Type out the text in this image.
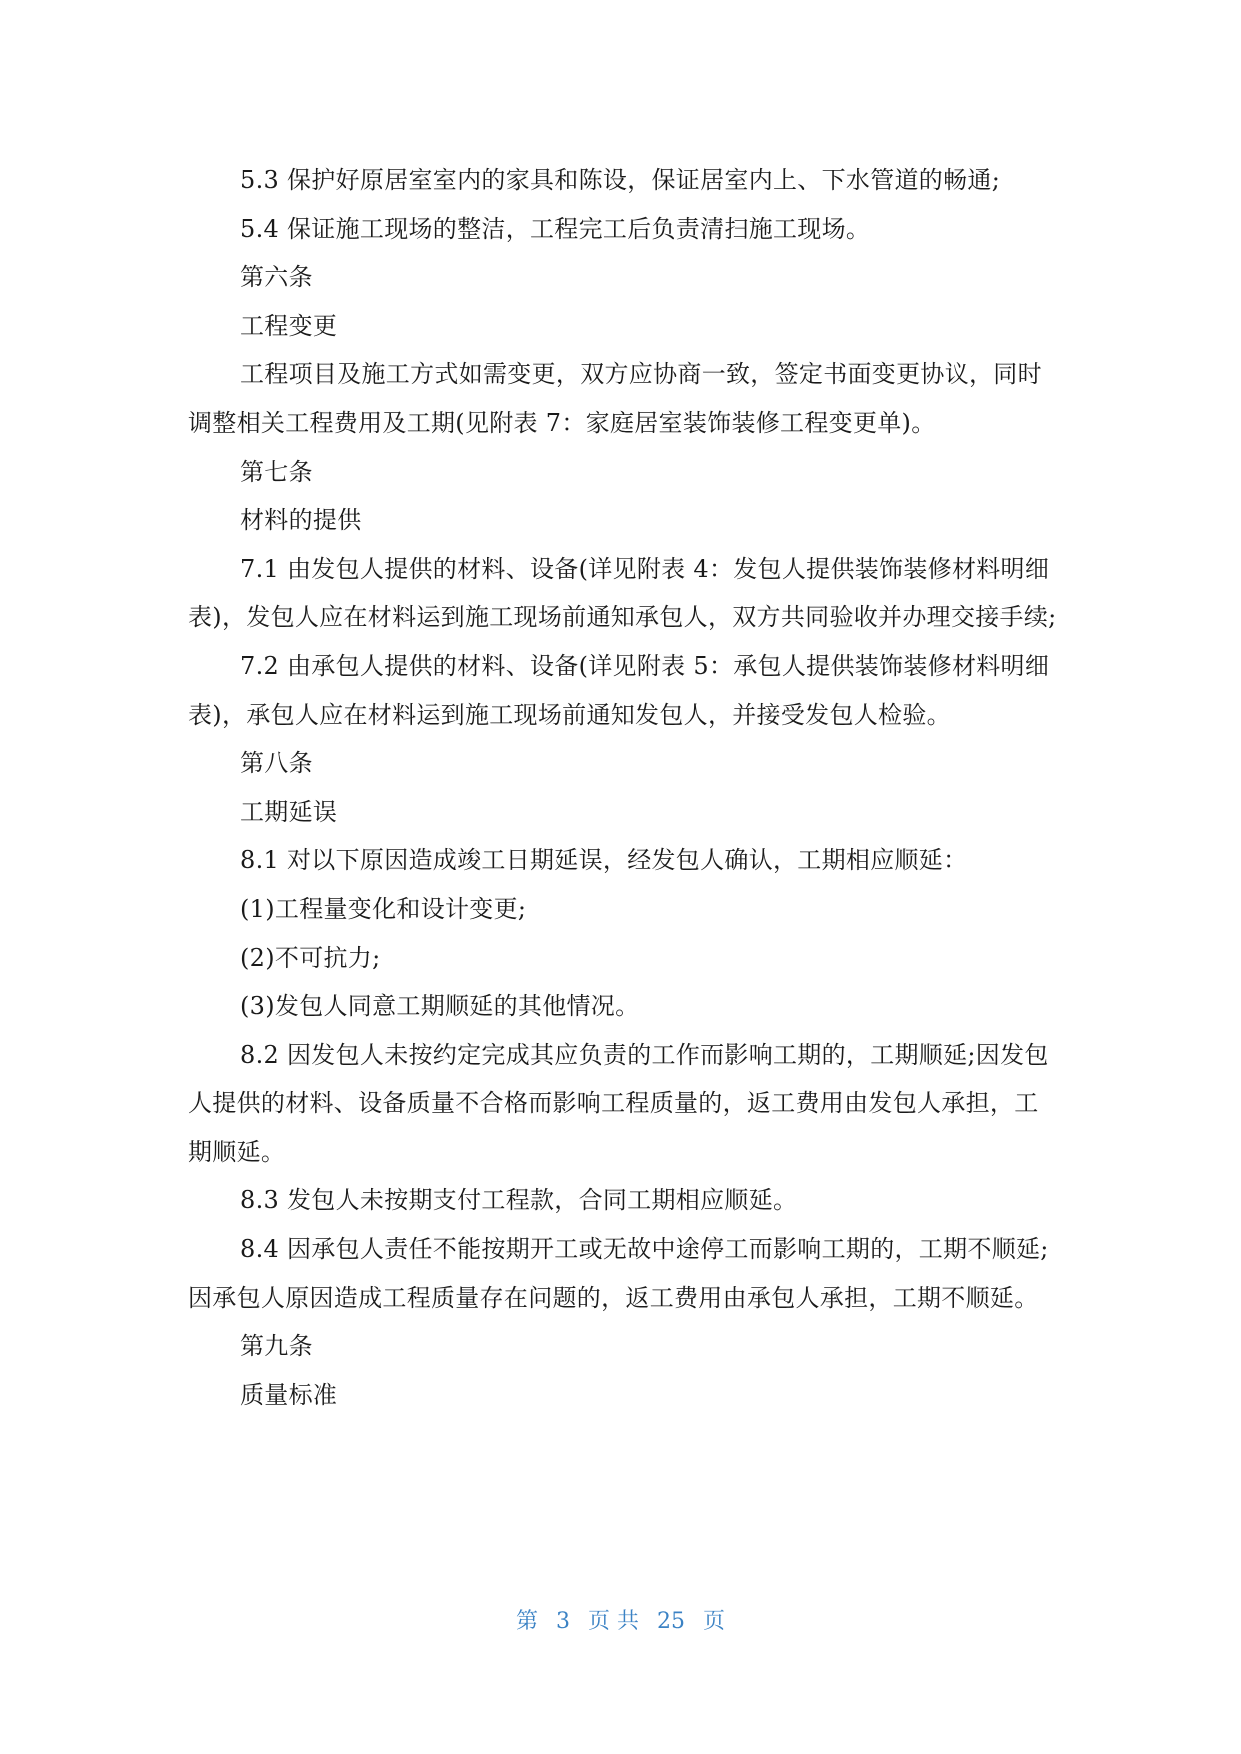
5.3 保护好原居室室内的家具和陈设，保证居室内上、下水管道的畅通;

5.4 保证施工现场的整洁，工程完工后负责清扫施工现场。

第六条

工程变更

工程项目及施工方式如需变更，双方应协商一致，签定书面变更协议，同时调整相关工程费用及工期(见附表 7：家庭居室装饰装修工程变更单)。

第七条

材料的提供

7.1 由发包人提供的材料、设备(详见附表 4：发包人提供装饰装修材料明细表)，发包人应在材料运到施工现场前通知承包人，双方共同验收并办理交接手续;

7.2 由承包人提供的材料、设备(详见附表 5：承包人提供装饰装修材料明细表)，承包人应在材料运到施工现场前通知发包人，并接受发包人检验。

第八条

工期延误

8.1 对以下原因造成竣工日期延误，经发包人确认，工期相应顺延：

(1)工程量变化和设计变更;

(2)不可抗力;

(3)发包人同意工期顺延的其他情况。

8.2 因发包人未按约定完成其应负责的工作而影响工期的，工期顺延;因发包人提供的材料、设备质量不合格而影响工程质量的，返工费用由发包人承担，工期顺延。

8.3 发包人未按期支付工程款，合同工期相应顺延。

8.4 因承包人责任不能按期开工或无故中途停工而影响工期的，工期不顺延;因承包人原因造成工程质量存在问题的，返工费用由承包人承担，工期不顺延。

第九条

质量标准

第 3 页 共 25 页
